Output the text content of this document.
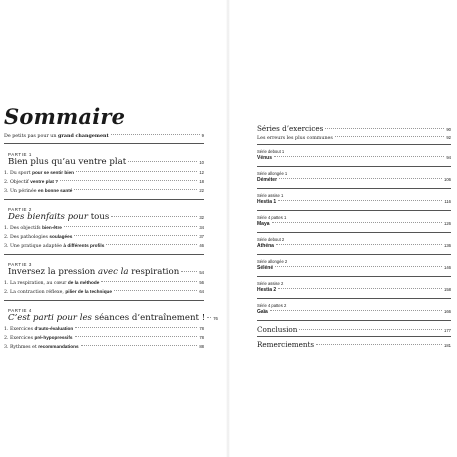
Sommaire
De petits pas pour un grand changement	9
PARTIE 1
Bien plus qu’au ventre plat	10
1. Du sport pour se sentir bien	12
2. Objectif ventre plat ?	18
3. Un périnée en bonne santé	22
PARTIE 2
Des bienfaits pour tous	32
1. Des objectifs bien-être	34
2. Des pathologies soulagées	37
3. Une pratique adaptée à différents profils	46
PARTIE 3
Inversez la pression avec la respiration	54
1. La respiration, au cœur de la méthode	56
2. La contraction réflexe, pilier de la technique	64
PARTIE 4
C’est parti pour les séances d’entraînement ! 76
1. Exercices d’auto-évaluation	78
2. Exercices pré-hypopressifs	78
3. Rythmes et recommandations	88
Séries d’exercices	90
Les erreurs les plus communes	92
Série debout 1
Vénus	94
Série allongée 1
Déméter	106
Série assise 1
Hestia 1	116
Série 4 pattes 1
Maya	126
Série debout 2
Athéna	136
Série allongée 2
Séléné	146
Série assise 2
Hestia 2	158
Série 4 pattes 2
Gaïa	166
Conclusion	177
Remerciements	181
